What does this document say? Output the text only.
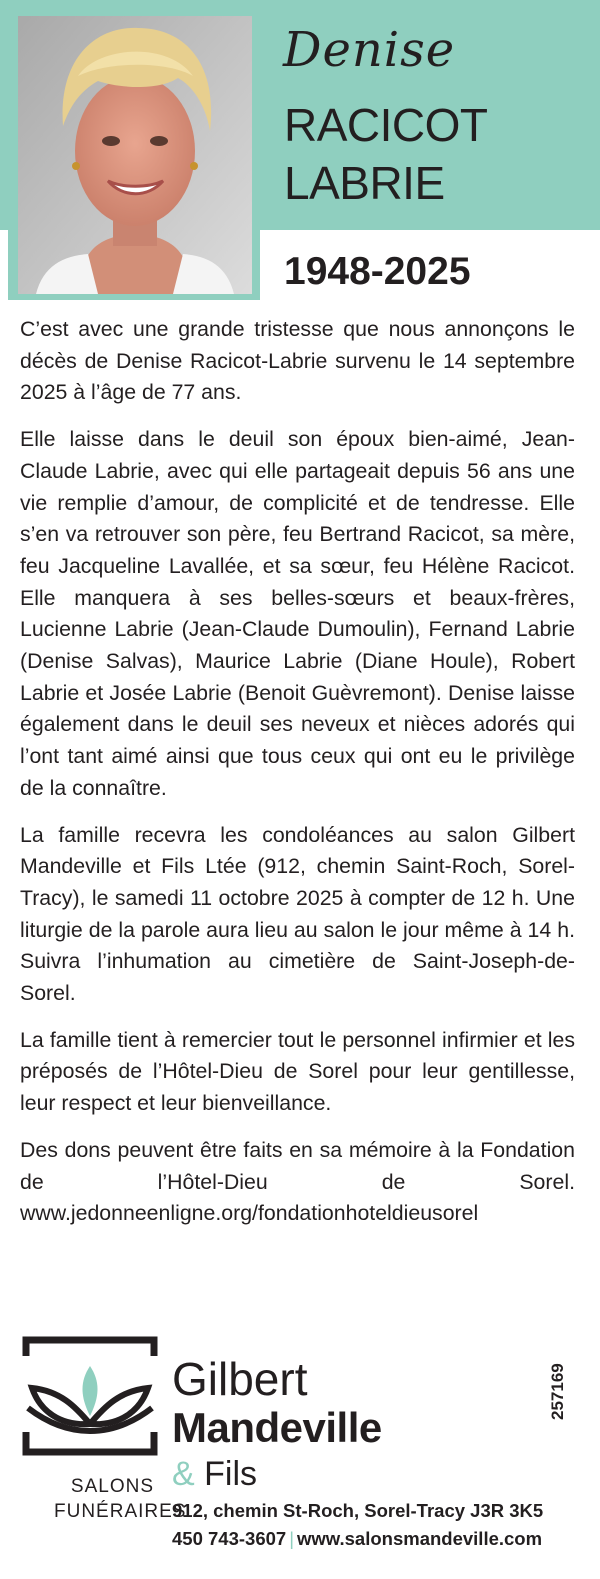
Denise
RACICOT
LABRIE
1948-2025

C’est avec une grande tristesse que nous annonçons le décès de Denise Racicot-Labrie survenu le 14 septembre 2025 à l’âge de 77 ans.

Elle laisse dans le deuil son époux bien-aimé, Jean-Claude Labrie, avec qui elle partageait depuis 56 ans une vie remplie d’amour, de complicité et de tendresse. Elle s’en va retrouver son père, feu Bertrand Racicot, sa mère, feu Jacqueline Lavallée, et sa sœur, feu Hélène Racicot. Elle manquera à ses belles-sœurs et beaux-frères, Lucienne Labrie (Jean-Claude Dumoulin), Fernand Labrie (Denise Salvas), Maurice Labrie (Diane Houle), Robert Labrie et Josée Labrie (Benoit Guèvremont). Denise laisse également dans le deuil ses neveux et nièces adorés qui l’ont tant aimé ainsi que tous ceux qui ont eu le privilège de la connaître.

La famille recevra les condoléances au salon Gilbert Mandeville et Fils Ltée (912, chemin Saint-Roch, Sorel-Tracy), le samedi 11 octobre 2025 à compter de 12 h. Une liturgie de la parole aura lieu au salon le jour même à 14 h. Suivra l’inhumation au cimetière de Saint-Joseph-de-Sorel.

La famille tient à remercier tout le personnel infirmier et les préposés de l’Hôtel-Dieu de Sorel pour leur gentillesse, leur respect et leur bienveillance.

Des dons peuvent être faits en sa mémoire à la Fondation de l’Hôtel-Dieu de Sorel. www.jedonneenligne.org/fondationhoteldieusorel

SALONS
FUNÉRAIRES
Gilbert
Mandeville
& Fils
912, chemin St-Roch, Sorel-Tracy J3R 3K5
450 743-3607 | www.salonsmandeville.com
257169
